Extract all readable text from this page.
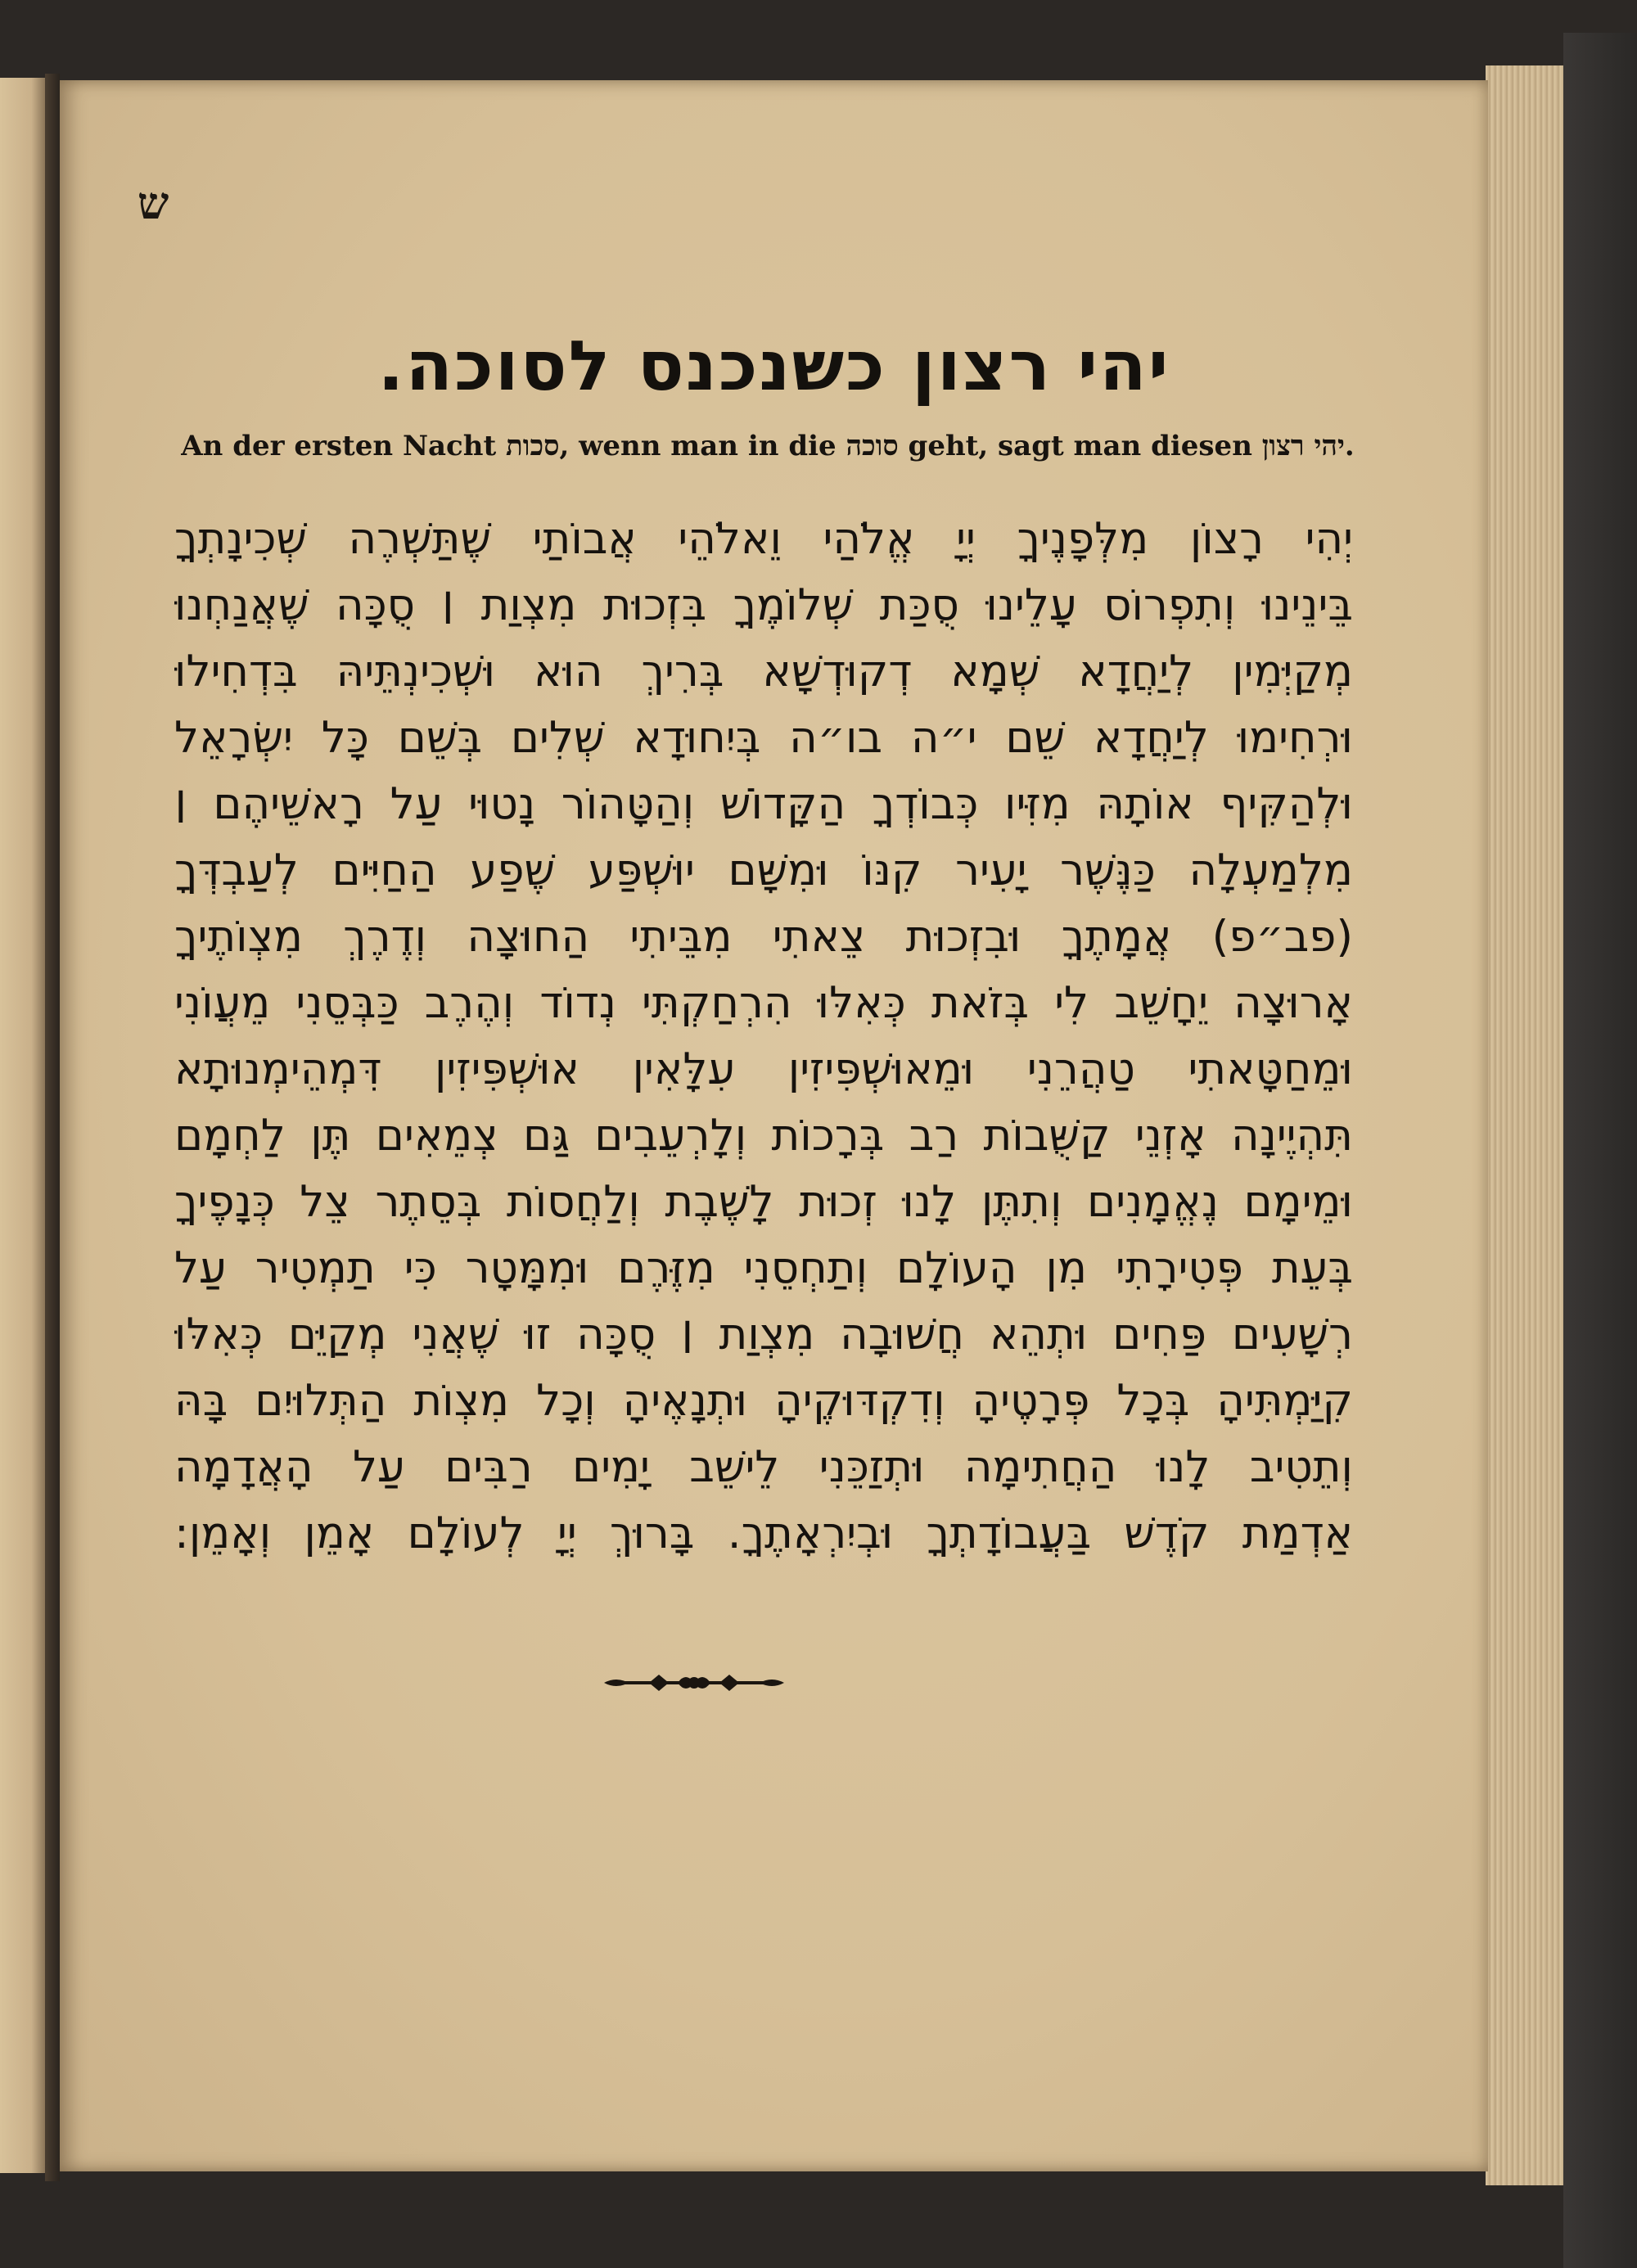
ש
יהי רצון כשנכנס לסוכה.
An der ersten Nacht סכות, wenn man in die סוכה geht, sagt man diesen יהי רצון.
יְהִי רָצוֹן מִלְּפָנֶיךָ יְיָ אֱלֹהַי וֵאלֹהֵי אֲבוֹתַי שֶׁתַּשְׁרֶה שְׁכִינָתְךָ
בֵּינֵינוּ וְתִפְרוֹס עָלֵינוּ סֻכַּת שְׁלוֹמֶךָ בִּזְכוּת מִצְוַת ׀ סֻכָּה שֶׁאֲנַחְנוּ
מְקַיְּמִין לְיַחֲדָא שְׁמָא דְקוּדְשָׁא בְּרִיךְ הוּא וּשְׁכִינְתֵּיהּ בִּדְחִילוּ
וּרְחִימוּ לְיַחֲדָא שֵׁם י״ה בו״ה בְּיִחוּדָא שְׁלִים בְּשֵׁם כָּל יִשְׂרָאֵל
וּלְהַקִּיף אוֹתָהּ מִזִּיו כְּבוֹדְךָ הַקָּדוֹשׁ וְהַטָּהוֹר נָטוּי עַל רָאשֵׁיהֶם ׀
מִלְמַעְלָה כַּנֶּשֶׁר יָעִיר קִנּוֹ וּמִשָּׁם יוּשְׁפַּע שֶׁפַע הַחַיִּים לְעַבְדְּךָ
(פב״פ) אֲמָתֶךָ וּבִזְכוּת צֵאתִי מִבֵּיתִי הַחוּצָה וְדֶרֶךְ מִצְוֹתֶיךָ
אָרוּצָה יֵחָשֵׁב לִי בְּזֹאת כְּאִלּוּ הִרְחַקְתִּי נְדוֹד וְהֶרֶב כַּבְּסֵנִי מֵעֲוֹנִי
וּמֵחַטָּאתִי טַהֲרֵנִי וּמֵאוּשְׁפִּיזִין עִלָּאִין אוּשְׁפִּיזִין דִּמְהֵימְנוּתָא
תִּהְיֶינָה אָזְנֵי קַשֻּׁבוֹת רַב בְּרָכוֹת וְלָרְעֵבִים גַּם צְמֵאִים תֶּן לַחְמָם
וּמֵימָם נֶאֱמָנִים וְתִתֶּן לָנוּ זְכוּת לָשֶׁבֶת וְלַחֲסוֹת בְּסֵתֶר צֵל כְּנָפֶיךָ
בְּעֵת פְּטִירָתִי מִן הָעוֹלָם וְתַחְסֵנִי מִזֶּרֶם וּמִמָּטָר כִּי תַמְטִיר עַל
רְשָׁעִים פַּחִים וּתְהֵא חֲשׁוּבָה מִצְוַת ׀ סֻכָּה זוּ שֶׁאֲנִי מְקַיֵּם כְּאִלּוּ
קִיַּמְתִּיהָ בְּכָל פְּרָטֶיהָ וְדִקְדּוּקֶיהָ וּתְנָאֶיהָ וְכָל מִצְוֹת הַתְּלוּיִם בָּהּ
וְתֵטִיב לָנוּ הַחֲתִימָה וּתְזַכֵּנִי לֵישֵׁב יָמִים רַבִּים עַל הָאֲדָמָה
אַדְמַת קֹדֶשׁ בַּעֲבוֹדָתְךָ וּבְיִרְאָתֶךָ. בָּרוּךְ יְיָ לְעוֹלָם אָמֵן וְאָמֵן:
